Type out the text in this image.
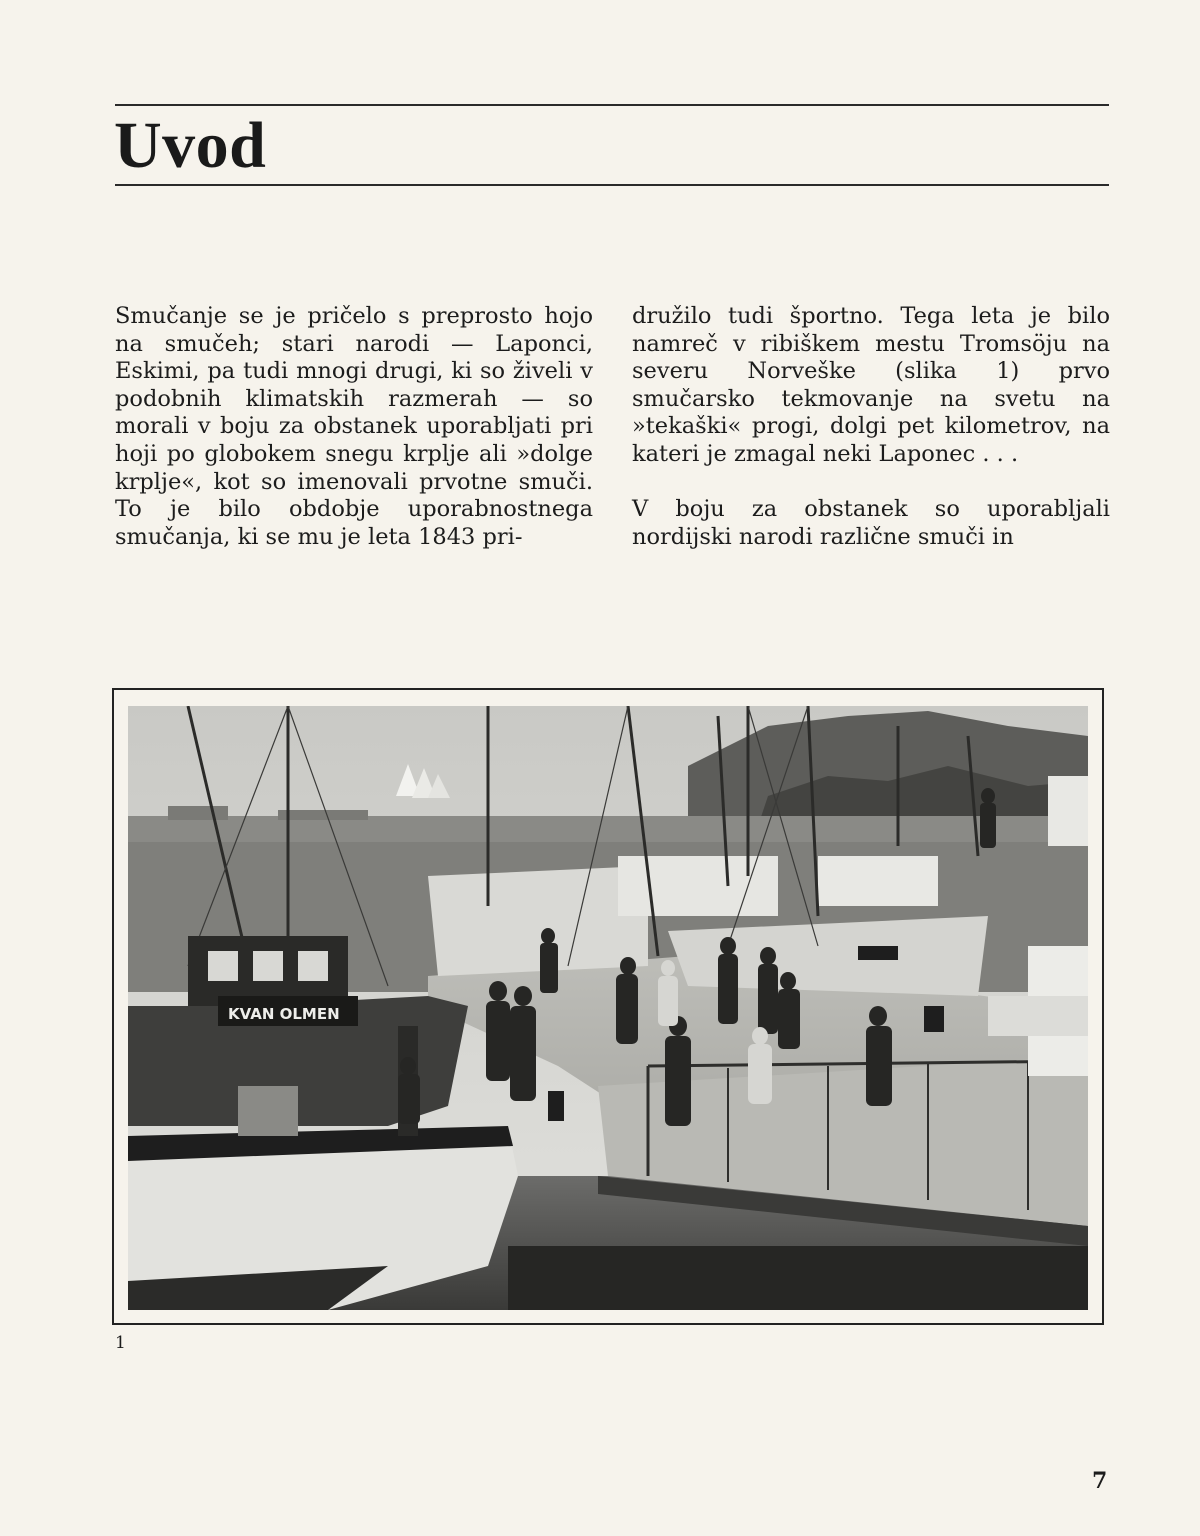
Uvod

Smučanje se je pričelo s preprosto hojo na smučeh; stari narodi — Laponci, Eskimi, pa tudi mnogi drugi, ki so živeli v podobnih klimatskih razmerah — so morali v boju za obstanek uporabljati pri hoji po globokem snegu krplje ali »dolge krplje«, kot so imenovali prvotne smuči. To je bilo obdobje uporabnostnega smučanja, ki se mu je leta 1843 pri-

družilo tudi športno. Tega leta je bilo namreč v ribiškem mestu Tromsöju na severu Norveške (slika 1) prvo smučarsko tekmovanje na svetu na »tekaški« progi, dolgi pet kilometrov, na kateri je zmagal neki Laponec . . .

V boju za obstanek so uporabljali nordijski narodi različne smuči in

KVAN OLMEN
1
7
